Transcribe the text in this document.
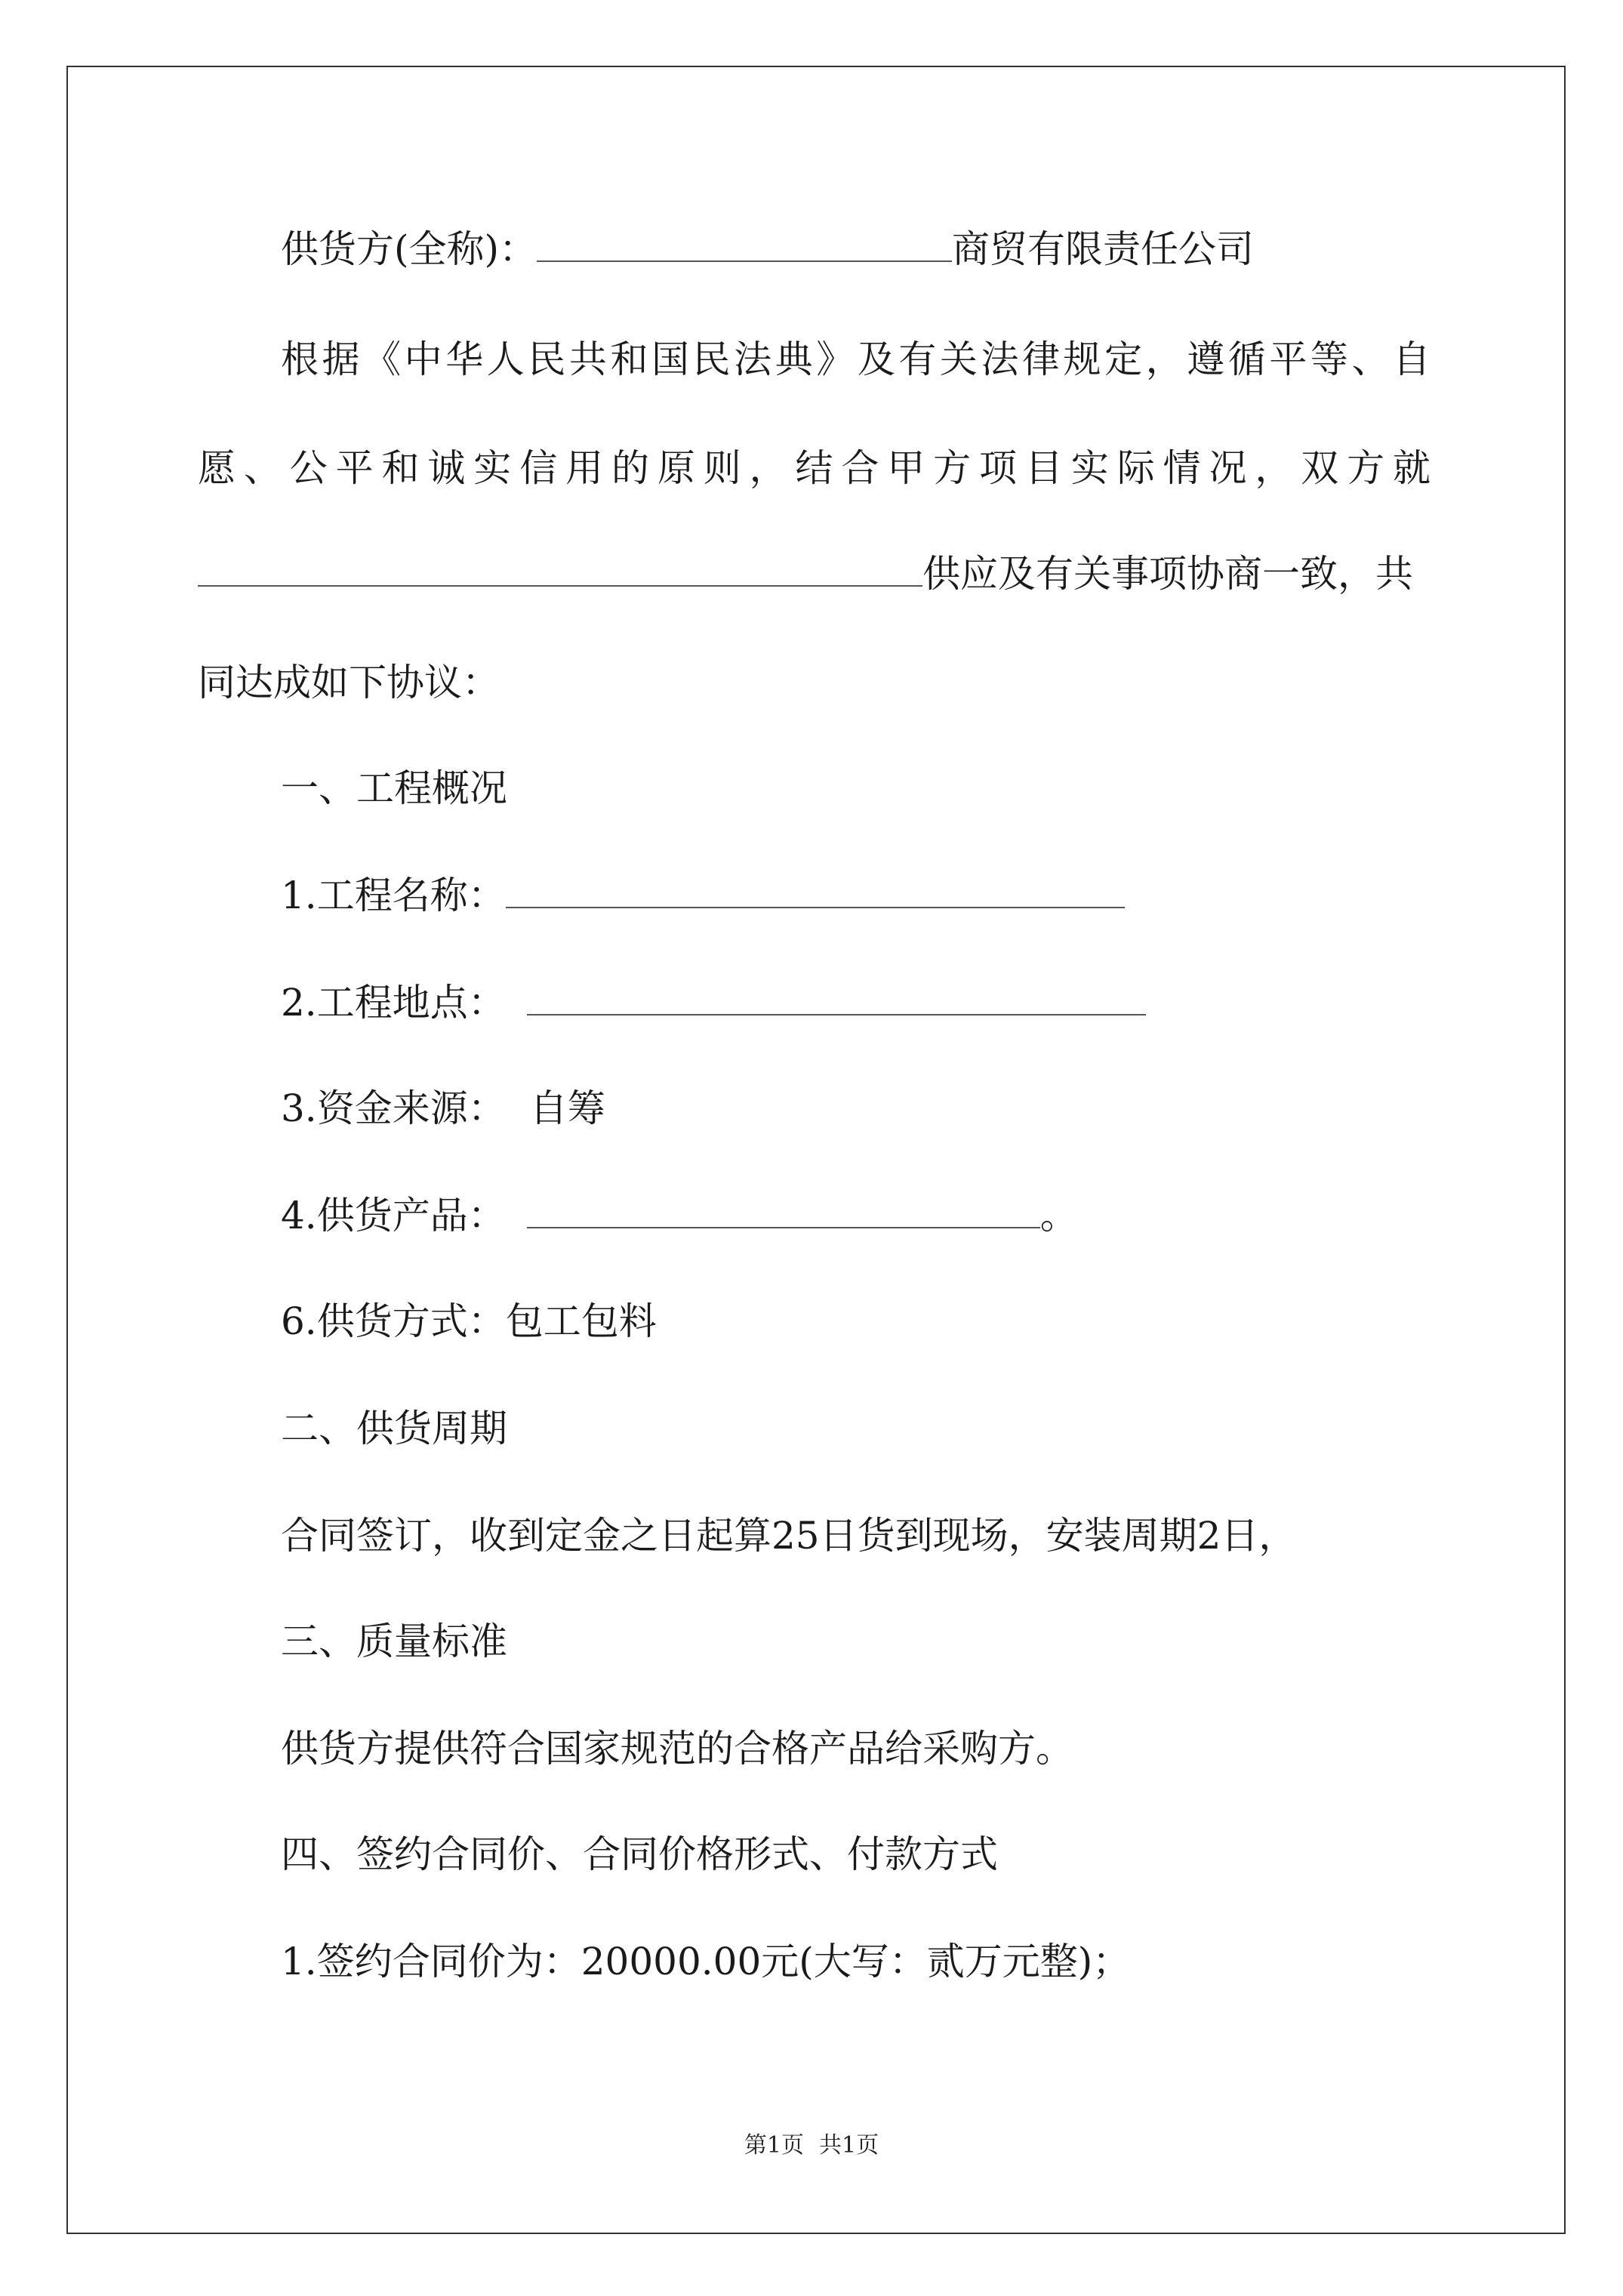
供货方(全称)：	商贸有限责任公司
根据《中华人民共和国民法典》及有关法律规定，遵循平等、自
愿、公平和诚实信用的原则，结合甲方项目实际情况，双方就
供应及有关事项协商一致，共
同达成如下协议：
一、工程概况
1.工程名称：
2.工程地点：
3.资金来源： 自筹
4.供货产品：	。
6.供货方式：包工包料
二、供货周期
合同签订，收到定金之日起算25日货到现场，安装周期2日，
三、质量标准
供货方提供符合国家规范的合格产品给采购方。
四、签约合同价、合同价格形式、付款方式
1.签约合同价为：20000.00元(大写：贰万元整)；
第1页 共1页
